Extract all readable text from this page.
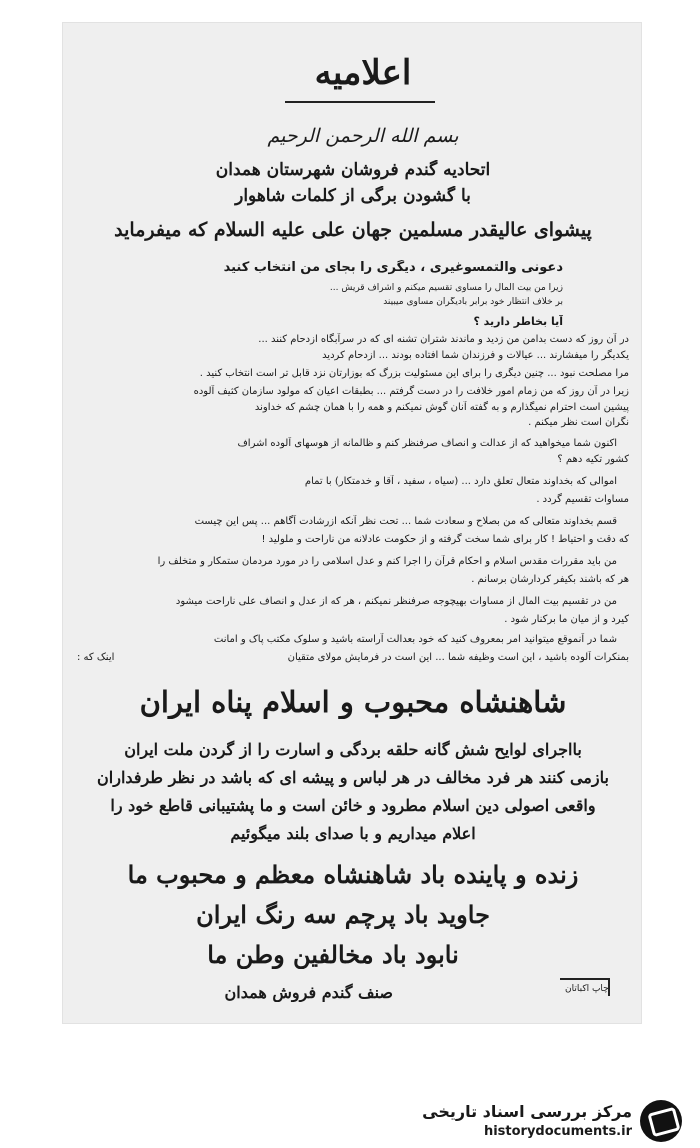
اعلامیه
بسم الله الرحمن الرحیم
اتحادیه گندم فروشان شهرستان همدان
با گشودن برگی از کلمات شاهوار
پیشوای عالیقدر مسلمین جهان علی علیه السلام که میفرماید
دعونی والتمسوغیری ، دیگری را بجای من انتخاب کنید
زیرا من بیت المال را مساوی تقسیم میکنم و اشراف قریش ...
بر خلاف انتظار خود برابر بادیگران مساوی میبیند
آیا بخاطر دارید ؟
در آن روز که دست بدامن من زدید و ماندند شتران تشنه ای که در سرآبگاه ازدحام کنند ...
یکدیگر را میفشارند ... عیالات و فرزندان شما افتاده بودند ... ازدحام کردید
مرا مصلحت نبود ... چنین دیگری را برای این مسئولیت بزرگ که بوزارتان نزد قابل تر است انتخاب کنید .
زیرا در آن روز که من زمام امور خلافت را در دست گرفتم ... بطبقات اعیان که مولود سازمان کثیف آلوده
پیشین است احترام نمیگذارم و به گفته آنان گوش نمیکنم و همه را با همان چشم که خداوند
نگران است نظر میکنم .
اکنون شما میخواهید که از عدالت و انصاف صرفنظر کنم و ظالمانه از هوسهای آلوده اشراف
کشور تکیه دهم ؟
اموالی که بخداوند متعال تعلق دارد ... (سیاه ، سفید ، آقا و خدمتکار) با تمام
مساوات تقسیم گردد .
قسم بخداوند متعالی که من بصلاح و سعادت شما ... تحت نظر آنکه ازرشادت آگاهم ... پس این چیست
که دقت و احتیاط ! کار برای شما سخت گرفته و از حکومت عادلانه من ناراحت و ملولید !
من باید مقررات مقدس اسلام و احکام قرآن را اجرا کنم و عدل اسلامی را در مورد مردمان ستمکار و متخلف را
هر که باشند بکیفر کردارشان برسانم .
من در تقسیم بیت المال از مساوات بهیچوجه صرفنظر نمیکنم ، هر که از عدل و انصاف علی ناراحت میشود
کیرد و از میان ما برکنار شود .
شما در آنموقع میتوانید امر بمعروف کنید که خود بعدالت آراسته باشید و سلوک مکتب پاک و امانت
بمنکرات آلوده باشید ، این است وظیفه شما ... این است در فرمایش مولای متقیان
اینک که :
شاهنشاه محبوب و اسلام پناه ایران
بااجرای لوایح شش گانه حلقه بردگی و اسارت را از گردن ملت ایران
بازمی کنند هر فرد مخالف در هر لباس و پیشه ای که باشد در نظر طرفداران
واقعی اصولی دین اسلام مطرود و خائن است و ما پشتیبانی قاطع خود را
اعلام میداریم و با صدای بلند میگوئیم
زنده و پاینده باد شاهنشاه معظم و محبوب ما
جاوید باد پرچم سه رنگ ایران
نابود باد مخالفین وطن ما
صنف گندم فروش همدان	چاپ اکباتان
مرکز بررسی اسناد تاریخی
historydocuments.ir
